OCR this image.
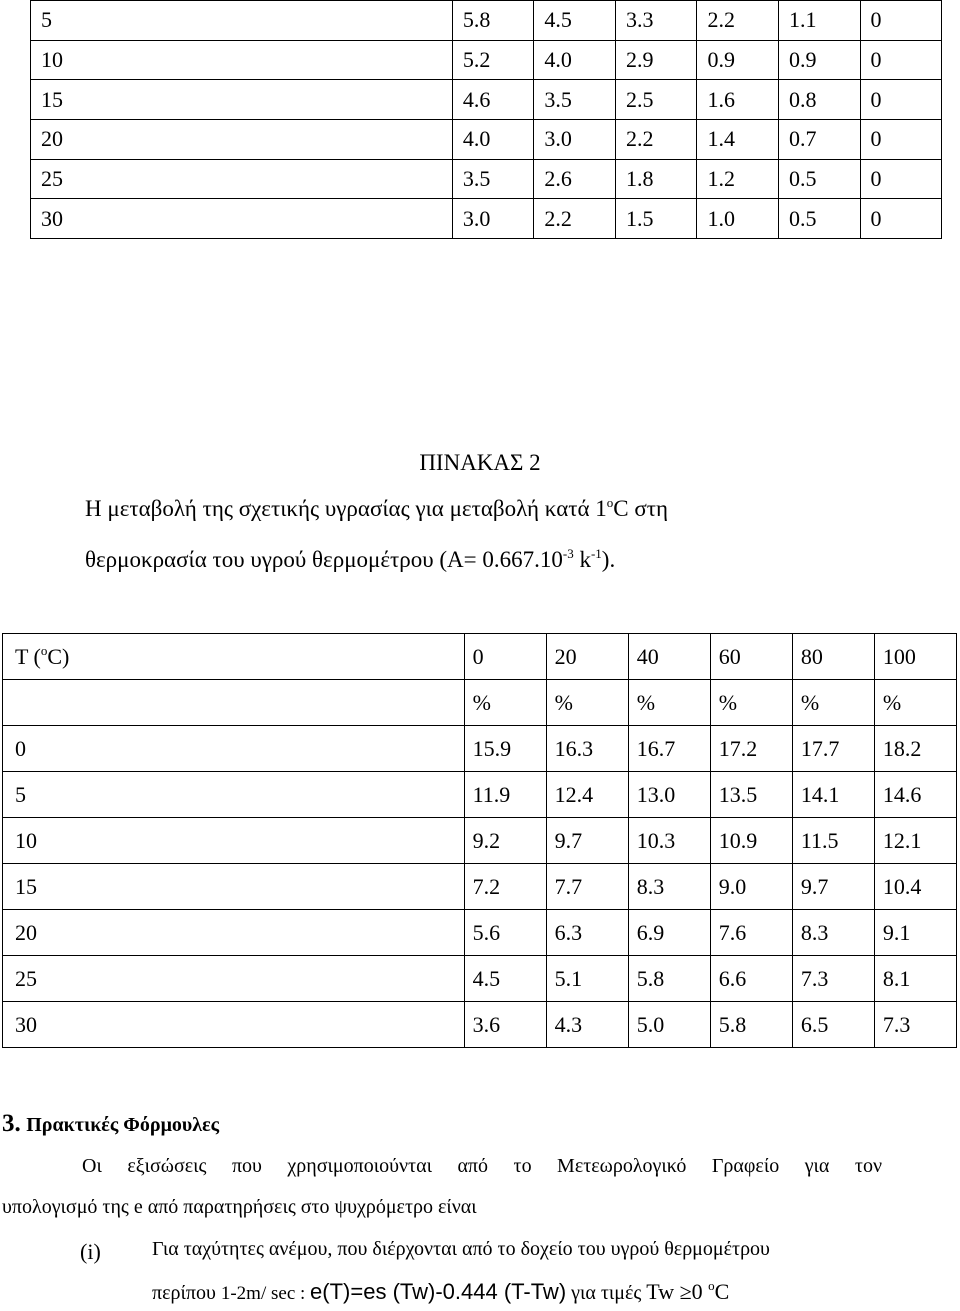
5	5.8	4.5	3.3	2.2	1.1	0
10	5.2	4.0	2.9	0.9	0.9	0
15	4.6	3.5	2.5	1.6	0.8	0
20	4.0	3.0	2.2	1.4	0.7	0
25	3.5	2.6	1.8	1.2	0.5	0
30	3.0	2.2	1.5	1.0	0.5	0
ΠΙΝΑΚΑΣ 2
Η μεταβολή της σχετικής υγρασίας για μεταβολή κατά 1$^o$C στη
θερμοκρασία του υγρού θερμομέτρου ($A= 0.667.10^{-3}$ $k^{-1}$).
T ($^o$C)	0	20	40	60	80	100
	%	%	%	%	%	%
0	15.9	16.3	16.7	17.2	17.7	18.2
5	11.9	12.4	13.0	13.5	14.1	14.6
10	9.2	9.7	10.3	10.9	11.5	12.1
15	7.2	7.7	8.3	9.0	9.7	10.4
20	5.6	6.3	6.9	7.6	8.3	9.1
25	4.5	5.1	5.8	6.6	7.3	8.1
30	3.6	4.3	5.0	5.8	6.5	7.3
3. Πρακτικές Φόρμουλες
Οι εξισώσεις που χρησιμοποιούνται από το Μετεωρολογικό Γραφείο για τον
υπολογισμό της e από παρατηρήσεις στο ψυχρόμετρο είναι
(i)	Για ταχύτητες ανέμου, που διέρχονται από το δοχείο του υγρού θερμομέτρου
περίπου 1-2m/ sec : e(T)=es (Tw)-0.444 (T-Tw) για τιμές Tw ≥0 $^o$C
